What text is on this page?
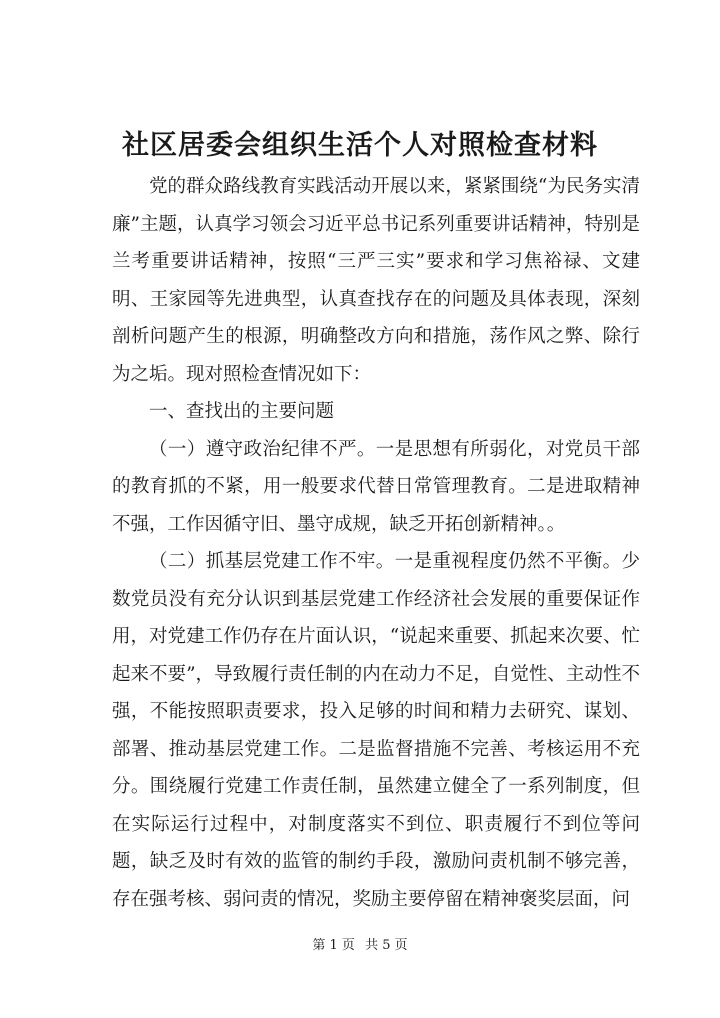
社区居委会组织生活个人对照检查材料

党的群众路线教育实践活动开展以来，紧紧围绕“为民务实清廉”主题，认真学习领会习近平总书记系列重要讲话精神，特别是兰考重要讲话精神，按照“三严三实”要求和学习焦裕禄、文建明、王家园等先进典型，认真查找存在的问题及具体表现，深刻剖析问题产生的根源，明确整改方向和措施，荡作风之弊、除行为之垢。现对照检查情况如下：

一、查找出的主要问题

（一）遵守政治纪律不严。一是思想有所弱化，对党员干部的教育抓的不紧，用一般要求代替日常管理教育。二是进取精神不强，工作因循守旧、墨守成规，缺乏开拓创新精神。。

（二）抓基层党建工作不牢。一是重视程度仍然不平衡。少数党员没有充分认识到基层党建工作经济社会发展的重要保证作用，对党建工作仍存在片面认识，“说起来重要、抓起来次要、忙起来不要”，导致履行责任制的内在动力不足，自觉性、主动性不强，不能按照职责要求，投入足够的时间和精力去研究、谋划、部署、推动基层党建工作。二是监督措施不完善、考核运用不充分。围绕履行党建工作责任制，虽然建立健全了一系列制度，但在实际运行过程中，对制度落实不到位、职责履行不到位等问题，缺乏及时有效的监管的制约手段，激励问责机制不够完善，存在强考核、弱问责的情况，奖励主要停留在精神褒奖层面，问

第 1 页 共 5 页
